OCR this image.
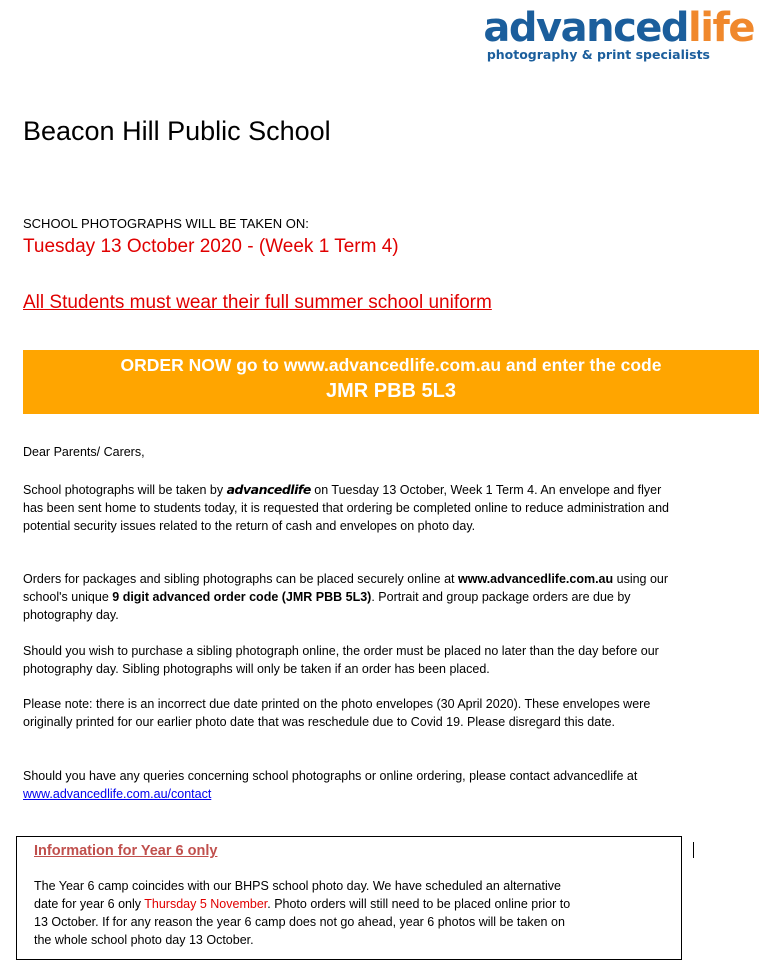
advancedlife
photography & print specialists
Beacon Hill Public School
SCHOOL PHOTOGRAPHS WILL BE TAKEN ON:
Tuesday 13 October 2020 - (Week 1 Term 4)
All Students must wear their full summer school uniform
ORDER NOW go to www.advancedlife.com.au and enter the code
JMR PBB 5L3
Dear Parents/ Carers,
School photographs will be taken by advancedlife on Tuesday 13 October, Week 1 Term 4. An envelope and flyer has been sent home to students today, it is requested that ordering be completed online to reduce administration and potential security issues related to the return of cash and envelopes on photo day.
Orders for packages and sibling photographs can be placed securely online at www.advancedlife.com.au using our school's unique 9 digit advanced order code (JMR PBB 5L3). Portrait and group package orders are due by photography day.
Should you wish to purchase a sibling photograph online, the order must be placed no later than the day before our photography day. Sibling photographs will only be taken if an order has been placed.
Please note: there is an incorrect due date printed on the photo envelopes (30 April 2020). These envelopes were originally printed for our earlier photo date that was reschedule due to Covid 19. Please disregard this date.
Should you have any queries concerning school photographs or online ordering, please contact advancedlife at www.advancedlife.com.au/contact
Information for Year 6 only
The Year 6 camp coincides with our BHPS school photo day. We have scheduled an alternative date for year 6 only Thursday 5 November. Photo orders will still need to be placed online prior to 13 October. If for any reason the year 6 camp does not go ahead, year 6 photos will be taken on the whole school photo day 13 October.
